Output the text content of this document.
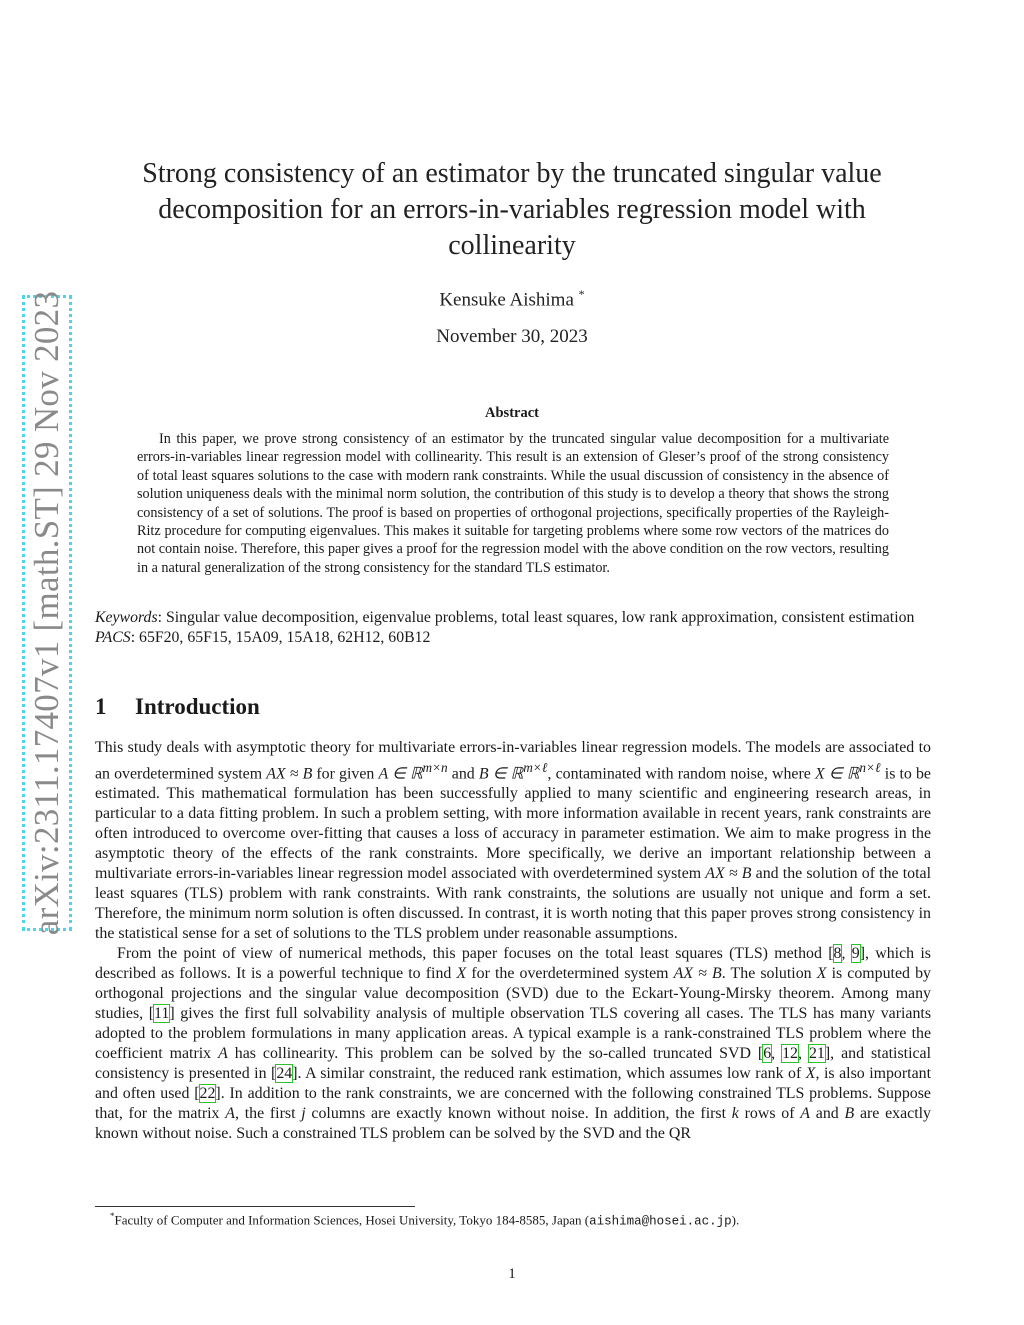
arXiv:2311.17407v1 [math.ST] 29 Nov 2023
Strong consistency of an estimator by the truncated singular value decomposition for an errors-in-variables regression model with collinearity
Kensuke Aishima *
November 30, 2023
Abstract
In this paper, we prove strong consistency of an estimator by the truncated singular value decomposition for a multivariate errors-in-variables linear regression model with collinearity. This result is an extension of Gleser’s proof of the strong consistency of total least squares solutions to the case with modern rank constraints. While the usual discussion of consistency in the absence of solution uniqueness deals with the minimal norm solution, the contribution of this study is to develop a theory that shows the strong consistency of a set of solutions. The proof is based on properties of orthogonal projections, specifically properties of the Rayleigh-Ritz procedure for computing eigenvalues. This makes it suitable for targeting problems where some row vectors of the matrices do not contain noise. Therefore, this paper gives a proof for the regression model with the above condition on the row vectors, resulting in a natural generalization of the strong consistency for the standard TLS estimator.

Keywords: Singular value decomposition, eigenvalue problems, total least squares, low rank approximation, consistent estimation

PACS: 65F20, 65F15, 15A09, 15A18, 62H12, 60B12

1 Introduction

This study deals with asymptotic theory for multivariate errors-in-variables linear regression models. The models are associated to an overdetermined system AX ≈ B for given A ∈ ℝ$^{m\times n}$ and B ∈ ℝ$^{m\times\ell}$, contaminated with random noise, where X ∈ ℝ$^{n\times\ell}$ is to be estimated. This mathematical formulation has been successfully applied to many scientific and engineering research areas, in particular to a data fitting problem. In such a problem setting, with more information available in recent years, rank constraints are often introduced to overcome over-fitting that causes a loss of accuracy in parameter estimation. We aim to make progress in the asymptotic theory of the effects of the rank constraints. More specifically, we derive an important relationship between a multivariate errors-in-variables linear regression model associated with overdetermined system AX ≈ B and the solution of the total least squares (TLS) problem with rank constraints. With rank constraints, the solutions are usually not unique and form a set. Therefore, the minimum norm solution is often discussed. In contrast, it is worth noting that this paper proves strong consistency in the statistical sense for a set of solutions to the TLS problem under reasonable assumptions.

From the point of view of numerical methods, this paper focuses on the total least squares (TLS) method [8, 9], which is described as follows. It is a powerful technique to find X for the overdetermined system AX ≈ B. The solution X is computed by orthogonal projections and the singular value decomposition (SVD) due to the Eckart-Young-Mirsky theorem. Among many studies, [11] gives the first full solvability analysis of multiple observation TLS covering all cases. The TLS has many variants adopted to the problem formulations in many application areas. A typical example is a rank-constrained TLS problem where the coefficient matrix A has collinearity. This problem can be solved by the so-called truncated SVD [6, 12, 21], and statistical consistency is presented in [24]. A similar constraint, the reduced rank estimation, which assumes low rank of X, is also important and often used [22]. In addition to the rank constraints, we are concerned with the following constrained TLS problems. Suppose that, for the matrix A, the first j columns are exactly known without noise. In addition, the first k rows of A and B are exactly known without noise. Such a constrained TLS problem can be solved by the SVD and the QR

*Faculty of Computer and Information Sciences, Hosei University, Tokyo 184-8585, Japan (aishima@hosei.ac.jp).
1
